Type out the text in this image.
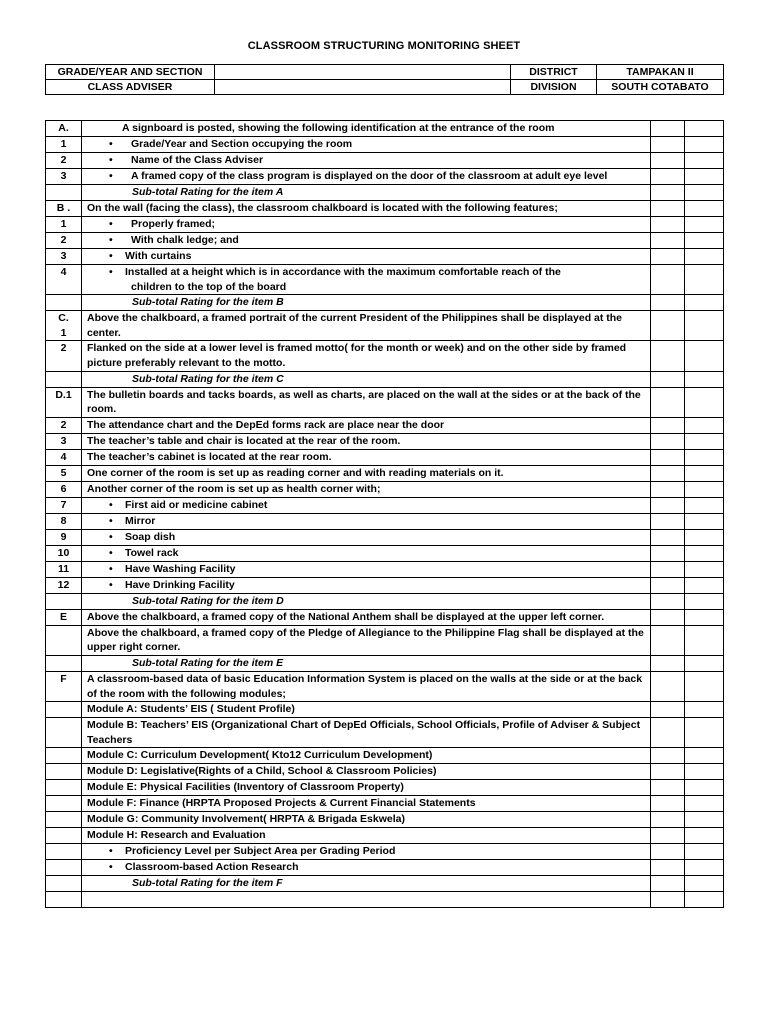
CLASSROOM STRUCTURING MONITORING SHEET
GRADE/YEAR AND SECTION		DISTRICT	TAMPAKAN II
CLASS ADVISER		DIVISION	SOUTH COTABATO
A.	A signboard is posted, showing the following identification at the entrance of the room		
1	• Grade/Year and Section occupying the room

2	• Name of the Class Adviser

3	• A framed copy of the class program is displayed on the door of the classroom at adult eye level

	Sub-total Rating for the item A		
B .	On the wall (facing the class), the classroom chalkboard is located with the following features;		
1	• Properly framed;

2	• With chalk ledge; and

3	• With curtains

4	• Installed at a height which is in accordance with the maximum comfortable reach of the
children to the top of the board

	Sub-total Rating for the item B		

C.
1	Above the chalkboard, a framed portrait of the current President of the Philippines shall be displayed at the center.		
2	Flanked on the side at a lower level is framed motto( for the month or week) and on the other side by framed picture preferably relevant to the motto.		
	Sub-total Rating for the item C		
D.1	The bulletin boards and tacks boards, as well as charts, are placed on the wall at the sides or at the back of the room.		
2	The attendance chart and the DepEd forms rack are place near the door		
3	The teacher’s table and chair is located at the rear of the room.		
4	The teacher’s cabinet is located at the rear room.		
5	One corner of the room is set up as reading corner and with reading materials on it.		
6	Another corner of the room is set up as health corner with;		
7	• First aid or medicine cabinet

8	• Mirror

9	• Soap dish

10	• Towel rack

11	• Have Washing Facility

12	• Have Drinking Facility

	Sub-total Rating for the item D		
E	Above the chalkboard, a framed copy of the National Anthem shall be displayed at the upper left corner.		
	Above the chalkboard, a framed copy of the Pledge of Allegiance to the Philippine Flag shall be displayed at the upper right corner.		
	Sub-total Rating for the item E		
F	A classroom-based data of basic Education Information System is placed on the walls at the side or at the back of the room with the following modules;		
	Module A: Students’ EIS ( Student Profile)		
	Module B: Teachers’ EIS (Organizational Chart of DepEd Officials, School Officials, Profile of Adviser & Subject Teachers		
	Module C: Curriculum Development( Kto12 Curriculum Development)		
	Module D: Legislative(Rights of a Child, School & Classroom Policies)		
	Module E: Physical Facilities (Inventory of Classroom Property)		
	Module F: Finance (HRPTA Proposed Projects & Current Financial Statements		
	Module G: Community Involvement( HRPTA & Brigada Eskwela)		
	Module H: Research and Evaluation		

	• Proficiency Level per Subject Area per Grading Period

	• Classroom-based Action Research

	Sub-total Rating for the item F		
